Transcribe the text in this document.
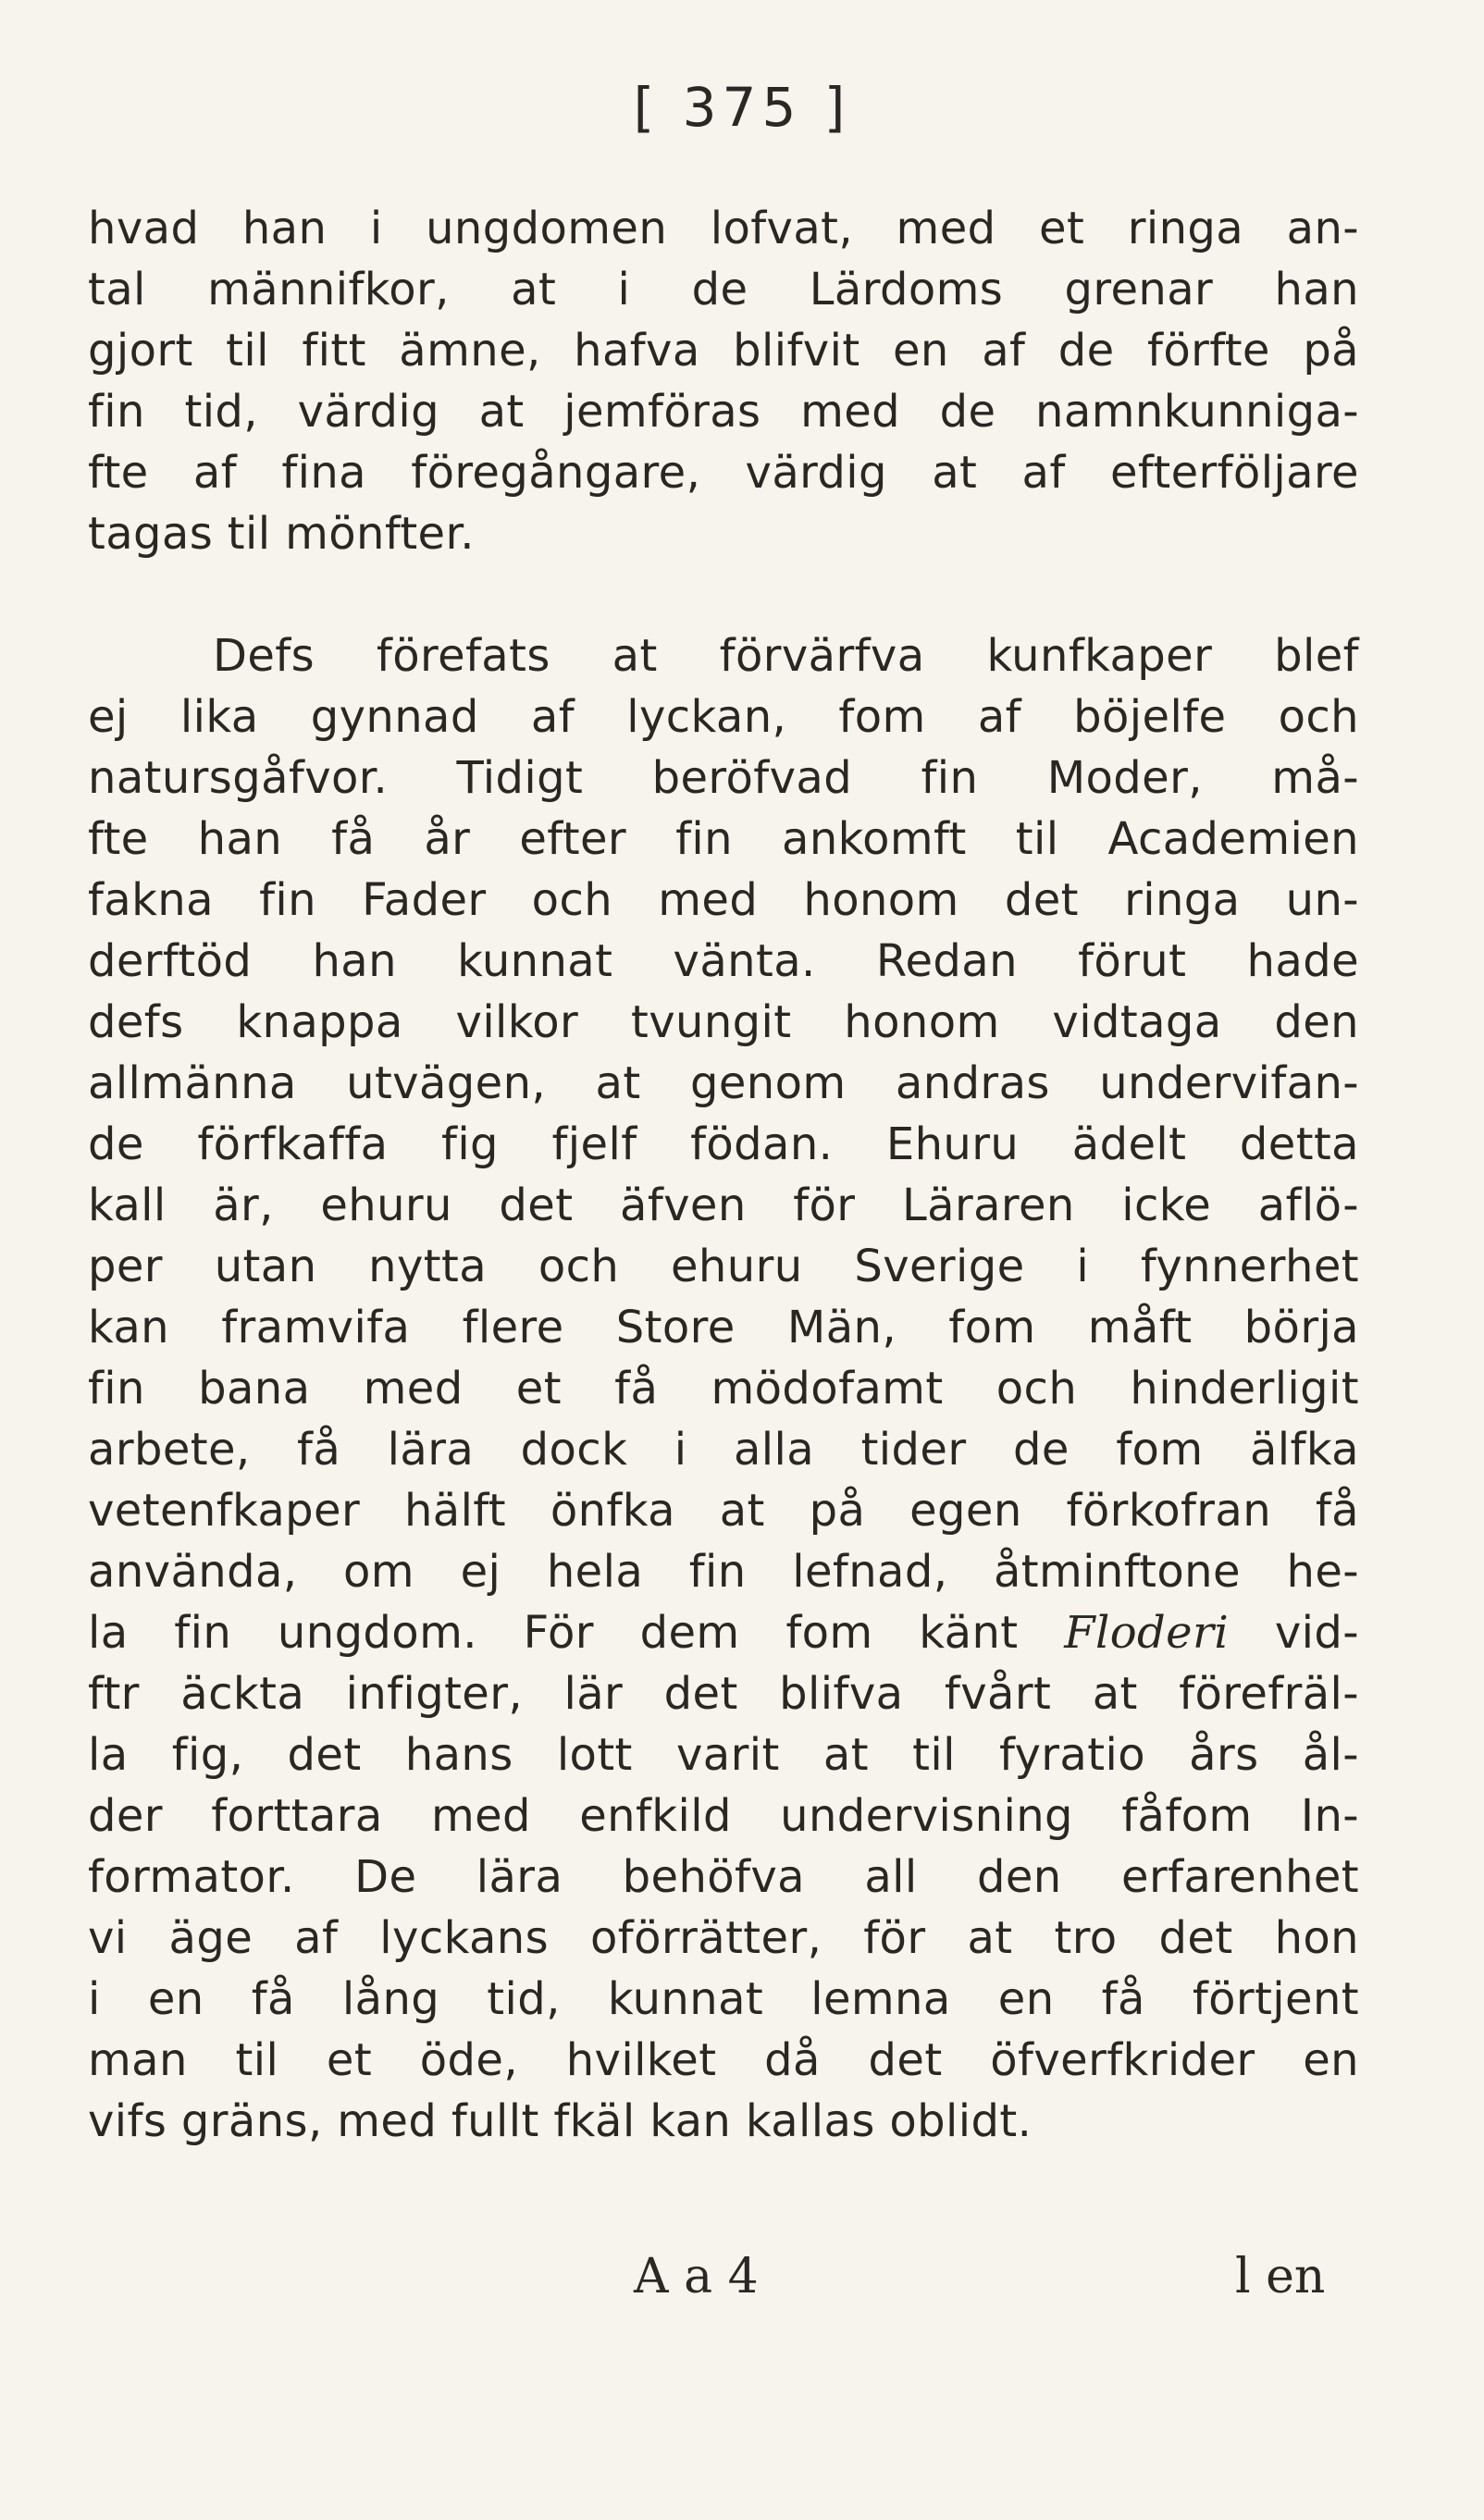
[ 375 ]
hvad han i ungdomen lofvat, med et ringa an-
tal männifkor, at i de Lärdoms grenar han
gjort til fitt ämne, hafva blifvit en af de förfte på
fin tid, värdig at jemföras med de namnkunniga-
fte af fina föregångare, värdig at af efterföljare
tagas til mönfter.
Defs förefats at förvärfva kunfkaper blef
ej lika gynnad af lyckan, fom af böjelfe och
natursgåfvor. Tidigt beröfvad fin Moder, må-
fte han få år efter fin ankomft til Academien
fakna fin Fader och med honom det ringa un-
derftöd han kunnat vänta. Redan förut hade
defs knappa vilkor tvungit honom vidtaga den
allmänna utvägen, at genom andras undervifan-
de förfkaffa fig fjelf födan. Ehuru ädelt detta
kall är, ehuru det äfven för Läraren icke aflö-
per utan nytta och ehuru Sverige i fynnerhet
kan framvifa flere Store Män, fom måft börja
fin bana med et få mödofamt och hinderligit
arbete, få lära dock i alla tider de fom älfka
vetenfkaper hälft önfka at på egen förkofran få
använda, om ej hela fin lefnad, åtminftone he-
la fin ungdom. För dem fom känt Floderi vid-
ftr äckta infigter, lär det blifva fvårt at förefräl-
la fig, det hans lott varit at til fyratio års ål-
der forttara med enfkild undervisning fåfom In-
formator. De lära behöfva all den erfarenhet
vi äge af lyckans oförrätter, för at tro det hon
i en få lång tid, kunnat lemna en få förtjent
man til et öde, hvilket då det öfverfkrider en
vifs gräns, med fullt fkäl kan kallas oblidt.
A a 4	l en
